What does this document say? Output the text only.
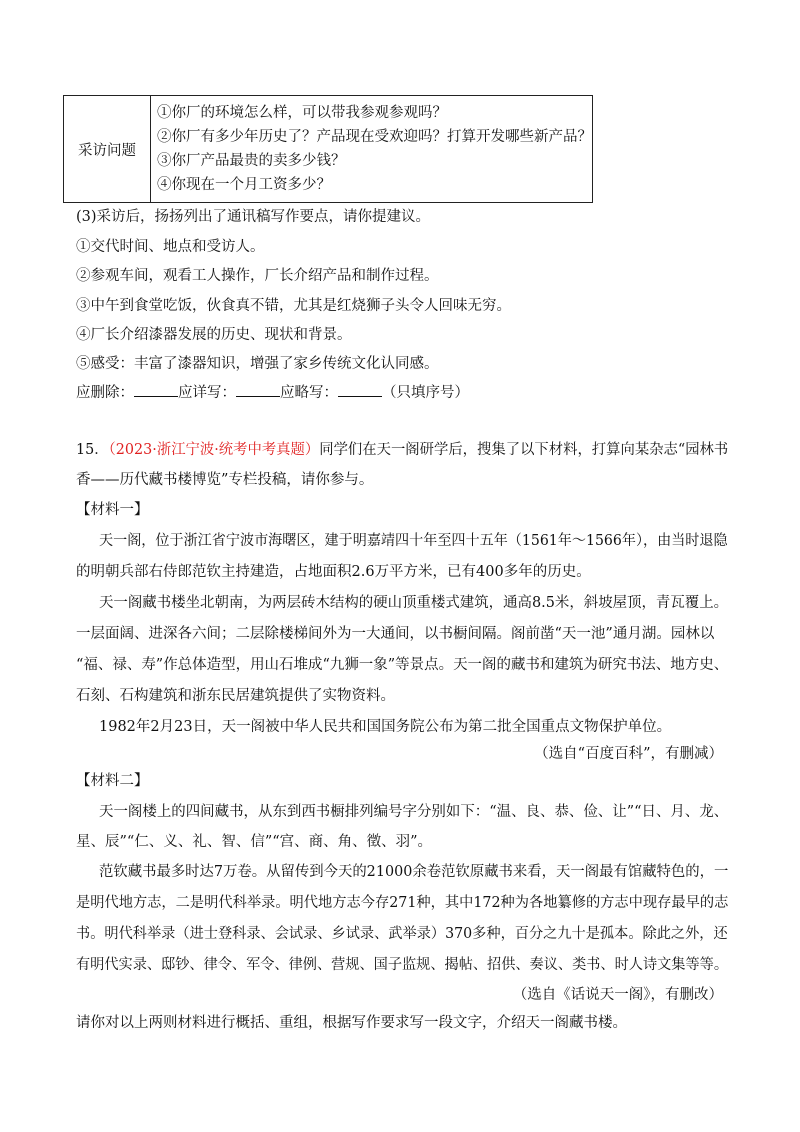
采访问题	
①你厂的环境怎么样，可以带我参观参观吗？
②你厂有多少年历史了？产品现在受欢迎吗？打算开发哪些新产品？
③你厂产品最贵的卖多少钱？
④你现在一个月工资多少？
(3)采访后，扬扬列出了通讯稿写作要点，请你提建议。
①交代时间、地点和受访人。
②参观车间，观看工人操作，厂长介绍产品和制作过程。
③中午到食堂吃饭，伙食真不错，尤其是红烧狮子头令人回味无穷。
④厂长介绍漆器发展的历史、现状和背景。
⑤感受：丰富了漆器知识，增强了家乡传统文化认同感。
应删除：	应详写：	应略写：	（只填序号）
15．（2023·浙江宁波·统考中考真题）同学们在天一阁研学后，搜集了以下材料，打算向某杂志“园林书
香——历代藏书楼博览”专栏投稿，请你参与。
【材料一】
天一阁，位于浙江省宁波市海曙区，建于明嘉靖四十年至四十五年（1561年～1566年），由当时退隐
的明朝兵部右侍郎范钦主持建造，占地面积2.6万平方米，已有400多年的历史。
天一阁藏书楼坐北朝南，为两层砖木结构的硬山顶重楼式建筑，通高8.5米，斜坡屋顶，青瓦覆上。
一层面阔、进深各六间；二层除楼梯间外为一大通间，以书橱间隔。阁前凿“天一池”通月湖。园林以
“福、禄、寿”作总体造型，用山石堆成“九狮一象”等景点。天一阁的藏书和建筑为研究书法、地方史、
石刻、石构建筑和浙东民居建筑提供了实物资料。
1982年2月23日，天一阁被中华人民共和国国务院公布为第二批全国重点文物保护单位。
（选自“百度百科”，有删减）
【材料二】
天一阁楼上的四间藏书，从东到西书橱排列编号字分别如下：“温、良、恭、俭、让”“日、月、龙、
星、辰”“仁、义、礼、智、信”“宫、商、角、徵、羽”。
范钦藏书最多时达7万卷。从留传到今天的21000余卷范钦原藏书来看，天一阁最有馆藏特色的，一
是明代地方志，二是明代科举录。明代地方志今存271种，其中172种为各地纂修的方志中现存最早的志
书。明代科举录（进士登科录、会试录、乡试录、武举录）370多种，百分之九十是孤本。除此之外，还
有明代实录、邸钞、律令、军令、律例、营规、国子监规、揭帖、招供、奏议、类书、时人诗文集等等。
（选自《话说天一阁》，有删改）
请你对以上两则材料进行概括、重组，根据写作要求写一段文字，介绍天一阁藏书楼。
